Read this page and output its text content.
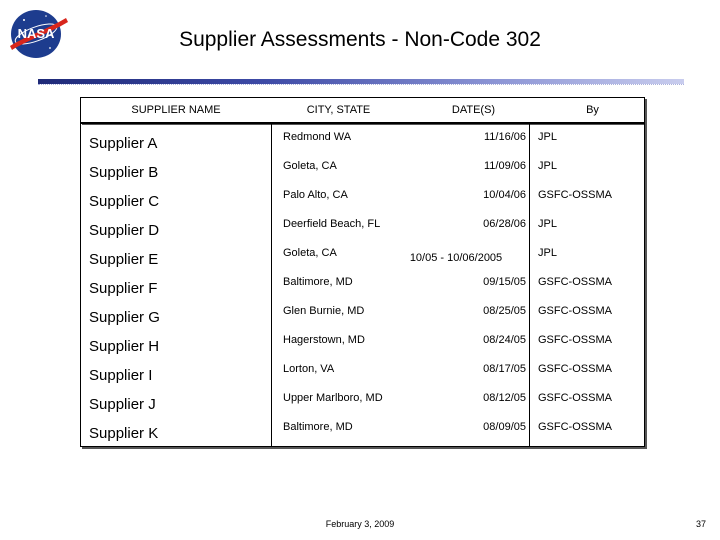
NASA	Supplier Assessments - Non-Code 302
SUPPLIER NAME	CITY, STATE	DATE(S)	By
Supplier A	Redmond WA	11/16/06 JPL
Supplier B	Goleta, CA	11/09/06 JPL
Supplier C	Palo Alto, CA	10/04/06 GSFC-OSSMA
Supplier D	Deerfield Beach, FL	06/28/06 JPL
Supplier E	Goleta, CA	10/05 - 10/06/2005	JPL
Supplier F	Baltimore, MD	09/15/05 GSFC-OSSMA
Supplier G	Glen Burnie, MD	08/25/05 GSFC-OSSMA
Supplier H	Hagerstown, MD	08/24/05 GSFC-OSSMA
Supplier I	Lorton, VA	08/17/05 GSFC-OSSMA
Supplier J	Upper Marlboro, MD	08/12/05 GSFC-OSSMA
Supplier K	Baltimore, MD	08/09/05 GSFC-OSSMA
February 3, 2009	37
